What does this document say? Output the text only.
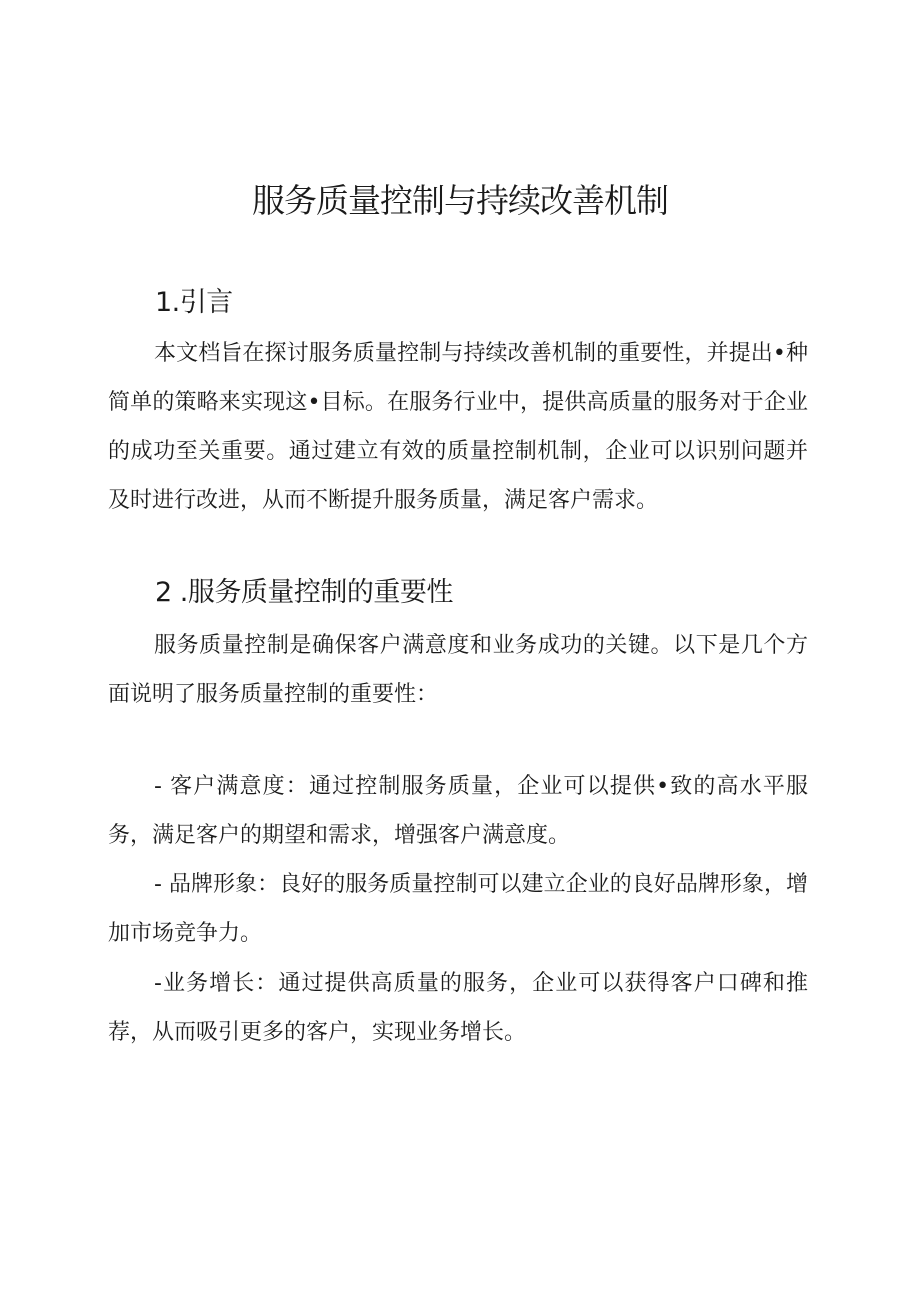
服务质量控制与持续改善机制
1.引言

本文档旨在探讨服务质量控制与持续改善机制的重要性，并提出•种简单的策略来实现这•目标。在服务行业中，提供高质量的服务对于企业的成功至关重要。通过建立有效的质量控制机制，企业可以识别问题并及时进行改进，从而不断提升服务质量，满足客户需求。

2 .服务质量控制的重要性

服务质量控制是确保客户满意度和业务成功的关键。以下是几个方面说明了服务质量控制的重要性：

- 客户满意度：通过控制服务质量，企业可以提供•致的高水平服务，满足客户的期望和需求，增强客户满意度。

- 品牌形象：良好的服务质量控制可以建立企业的良好品牌形象，增加市场竞争力。

-业务增长：通过提供高质量的服务，企业可以获得客户口碑和推荐，从而吸引更多的客户，实现业务增长。
